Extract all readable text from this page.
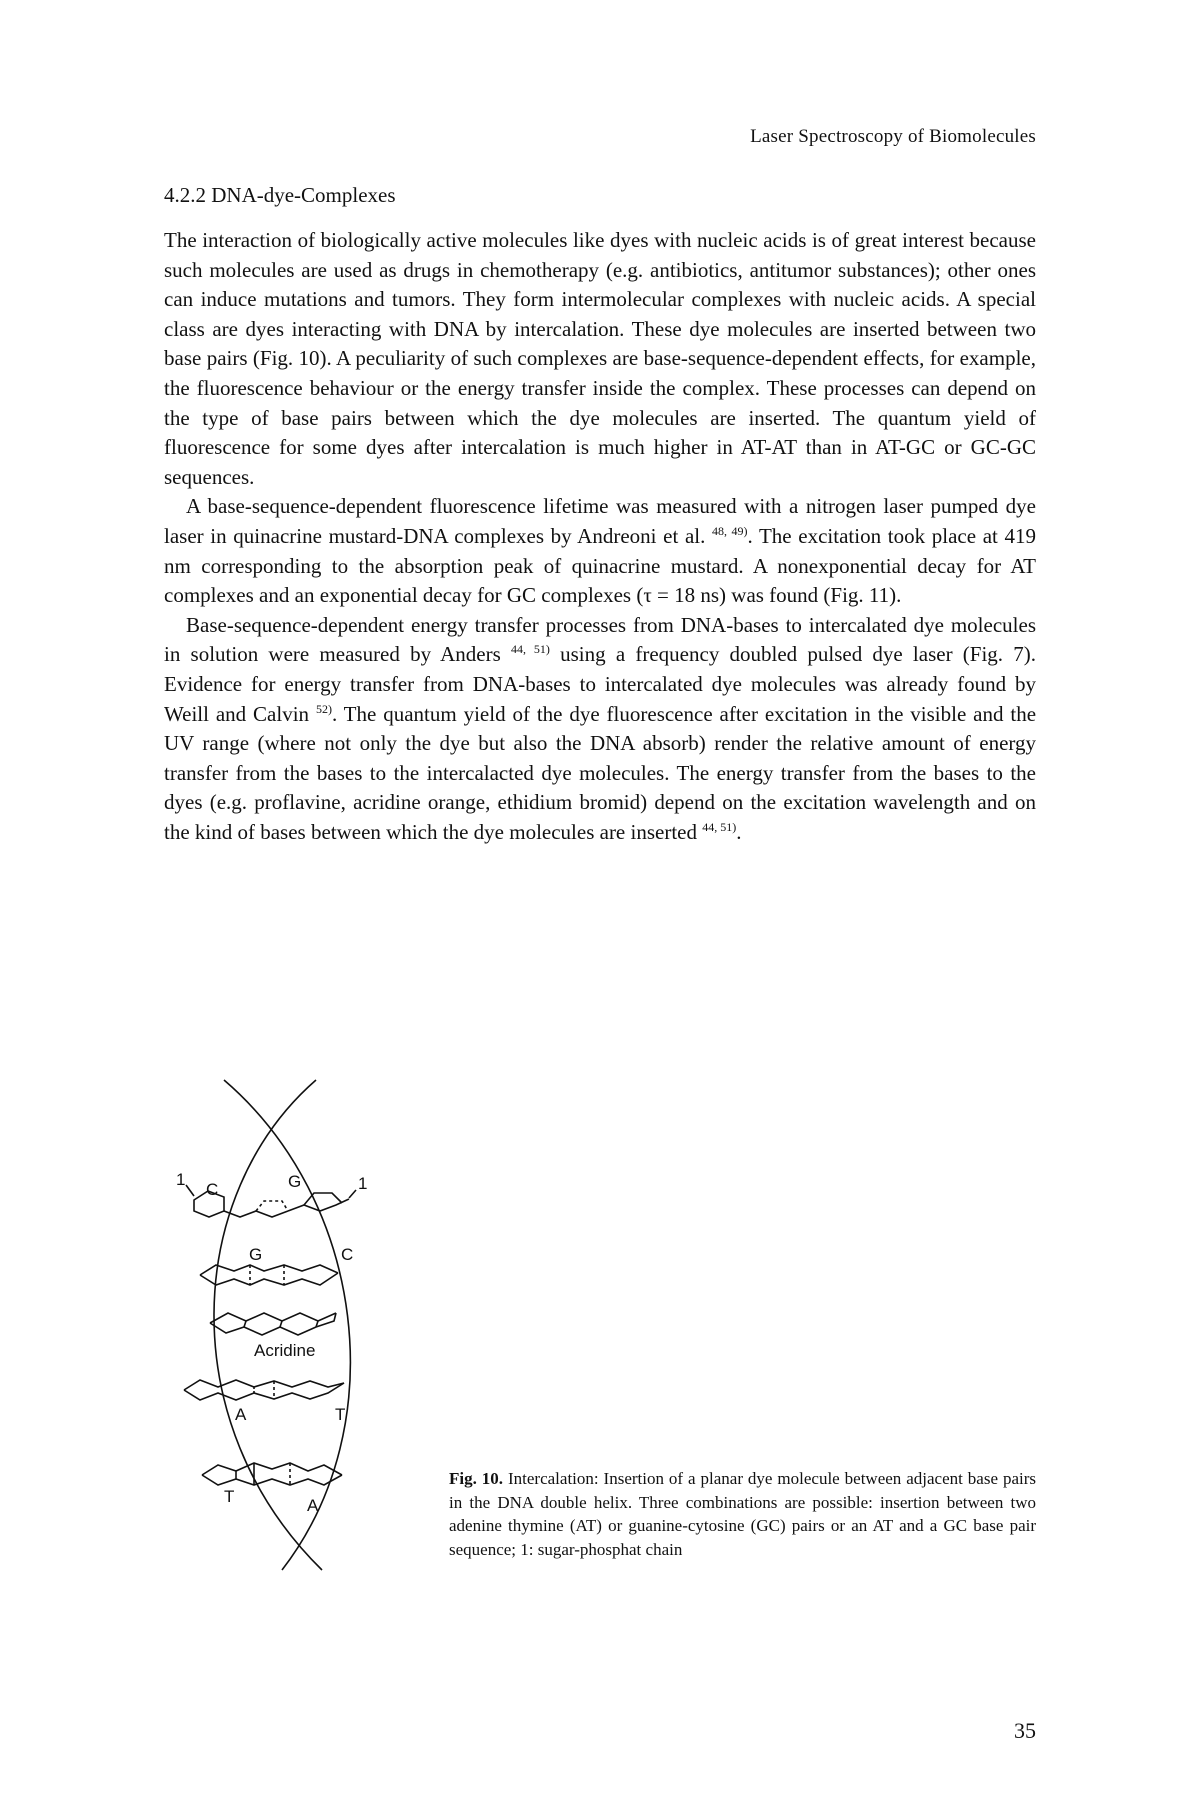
Laser Spectroscopy of Biomolecules
4.2.2 DNA-dye-Complexes

The interaction of biologically active molecules like dyes with nucleic acids is of great interest because such molecules are used as drugs in chemotherapy (e.g. antibiotics, antitumor substances); other ones can induce mutations and tumors. They form intermolecular complexes with nucleic acids. A special class are dyes interacting with DNA by intercalation. These dye molecules are inserted between two base pairs (Fig. 10). A peculiarity of such complexes are base-sequence-dependent effects, for example, the fluorescence behaviour or the energy transfer inside the complex. These processes can depend on the type of base pairs between which the dye molecules are inserted. The quantum yield of fluorescence for some dyes after intercalation is much higher in AT-AT than in AT-GC or GC-GC sequences.

A base-sequence-dependent fluorescence lifetime was measured with a nitrogen laser pumped dye laser in quinacrine mustard-DNA complexes by Andreoni et al. $^{48, 49)}$. The excitation took place at 419 nm corresponding to the absorption peak of quinacrine mustard. A nonexponential decay for AT complexes and an exponential decay for GC complexes (τ = 18 ns) was found (Fig. 11).

Base-sequence-dependent energy transfer processes from DNA-bases to intercalated dye molecules in solution were measured by Anders $^{44, 51)}$ using a frequency doubled pulsed dye laser (Fig. 7). Evidence for energy transfer from DNA-bases to intercalated dye molecules was already found by Weill and Calvin $^{52)}$. The quantum yield of the dye fluorescence after excitation in the visible and the UV range (where not only the dye but also the DNA absorb) render the relative amount of energy transfer from the bases to the intercalacted dye molecules. The energy transfer from the bases to the dyes (e.g. proflavine, acridine orange, ethidium bromid) depend on the excitation wavelength and on the kind of bases between which the dye molecules are inserted $^{44, 51)}$.

1	1
C	G
G	C
Acridine
A	T
T	A
Fig. 10. Intercalation: Insertion of a planar dye molecule between adjacent base pairs in the DNA double helix. Three combinations are possible: insertion between two adenine thymine (AT) or guanine-cytosine (GC) pairs or an AT and a GC base pair sequence; 1: sugar-phosphat chain
35
